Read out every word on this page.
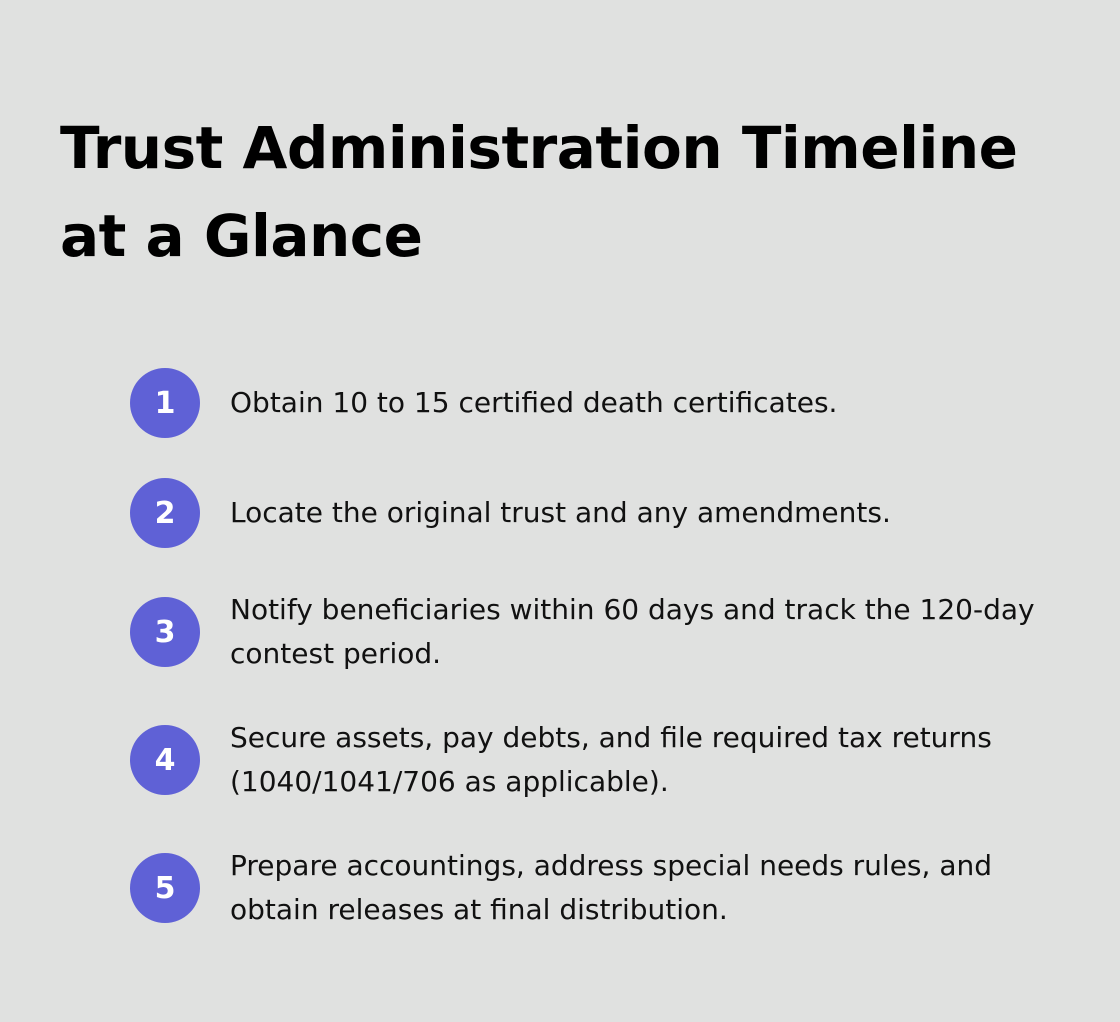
Trust Administration Timeline at a Glance
1	Obtain 10 to 15 certified death certificates.
2	Locate the original trust and any amendments.
3
Notify beneficiaries within 60 days and track the 120-day contest period.
4
Secure assets, pay debts, and file required tax returns (1040/1041/706 as applicable).
5
Prepare accountings, address special needs rules, and obtain releases at final distribution.
